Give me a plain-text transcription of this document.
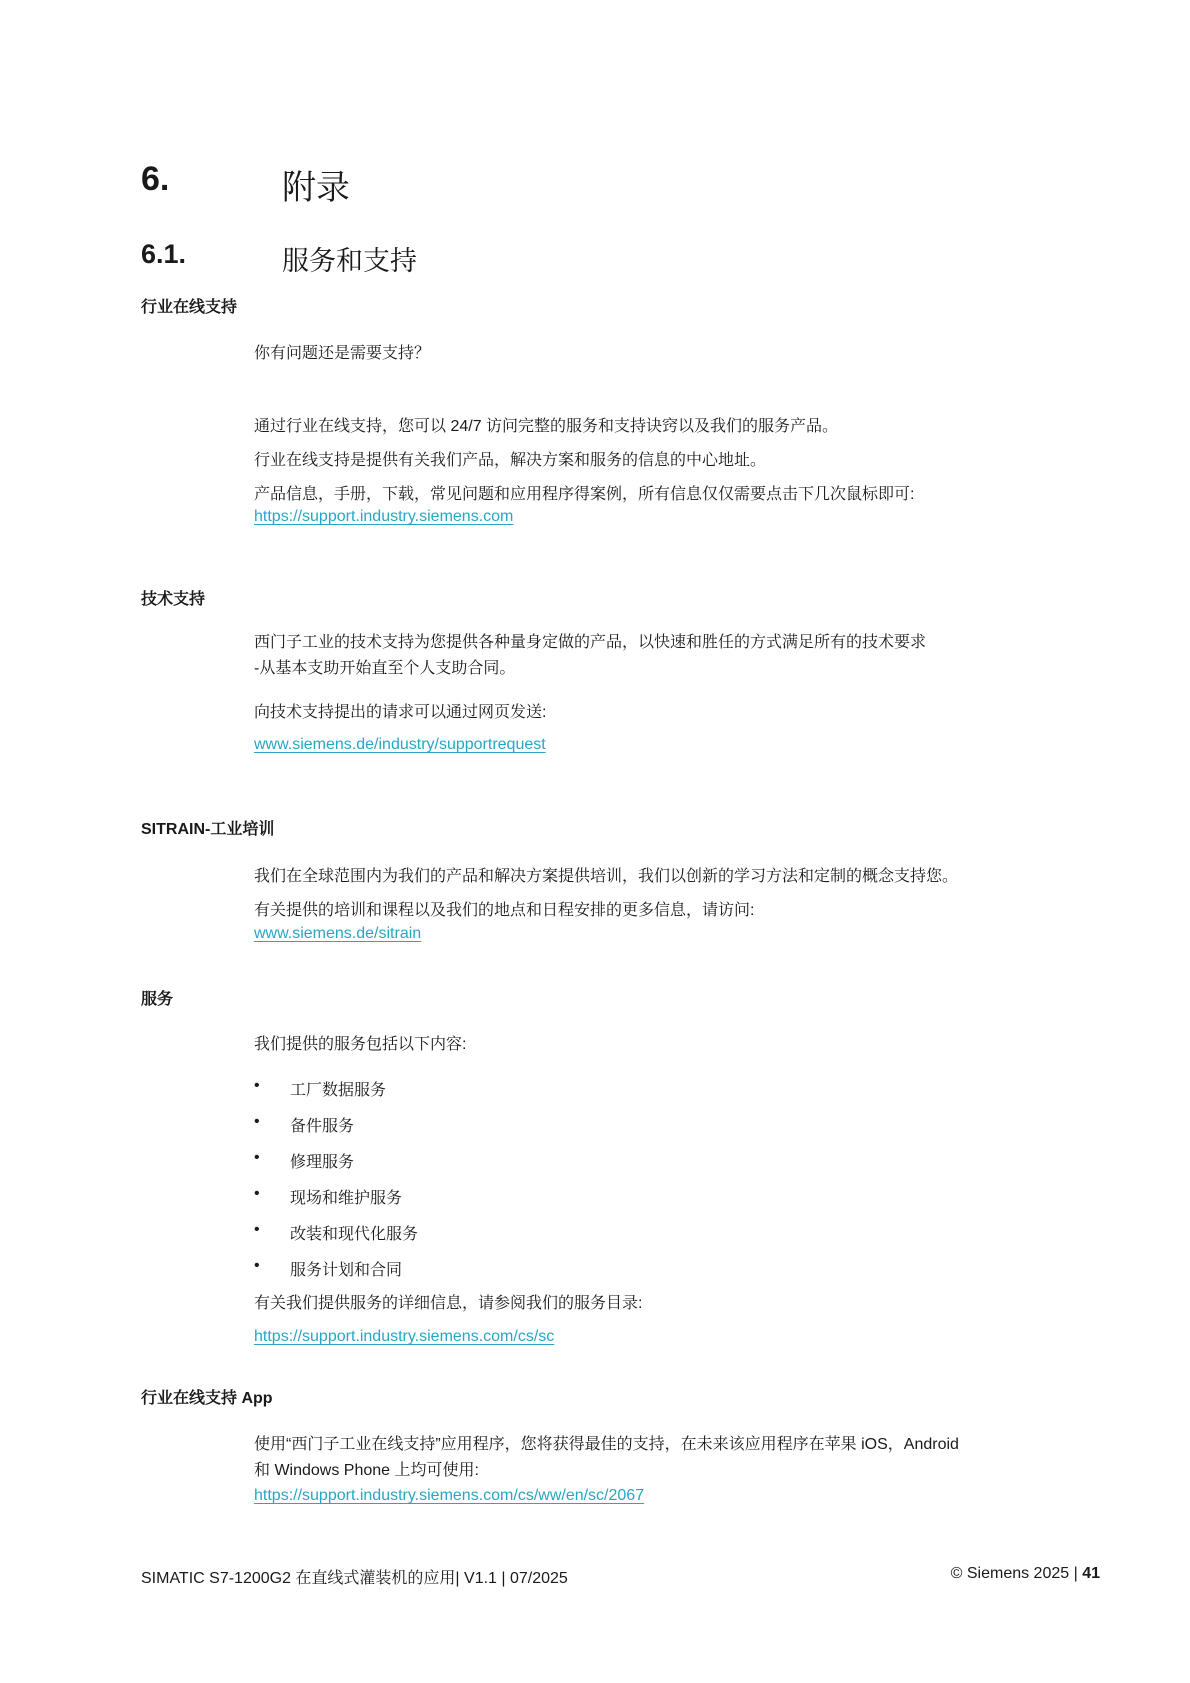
6.	附录
6.1.	服务和支持
行业在线支持
你有问题还是需要支持？
通过行业在线支持，您可以 24/7 访问完整的服务和支持诀窍以及我们的服务产品。
行业在线支持是提供有关我们产品，解决方案和服务的信息的中心地址。
产品信息，手册，下载，常见问题和应用程序得案例，所有信息仅仅需要点击下几次鼠标即可:
https://support.industry.siemens.com
技术支持
西门子工业的技术支持为您提供各种量身定做的产品，以快速和胜任的方式满足所有的技术要求
-从基本支助开始直至个人支助合同。
向技术支持提出的请求可以通过网页发送:
www.siemens.de/industry/supportrequest
SITRAIN-工业培训
我们在全球范围内为我们的产品和解决方案提供培训，我们以创新的学习方法和定制的概念支持您。
有关提供的培训和课程以及我们的地点和日程安排的更多信息，请访问:
www.siemens.de/sitrain
服务
我们提供的服务包括以下内容:
• 工厂数据服务
• 备件服务
• 修理服务
• 现场和维护服务
• 改装和现代化服务
• 服务计划和合同
有关我们提供服务的详细信息，请参阅我们的服务目录:
https://support.industry.siemens.com/cs/sc
行业在线支持 App
使用“西门子工业在线支持”应用程序，您将获得最佳的支持，在未来该应用程序在苹果 iOS，Android
和 Windows Phone 上均可使用:
https://support.industry.siemens.com/cs/ww/en/sc/2067
SIMATIC S7-1200G2 在直线式灌装机的应用| V1.1 | 07/2025	© Siemens 2025 | 41
